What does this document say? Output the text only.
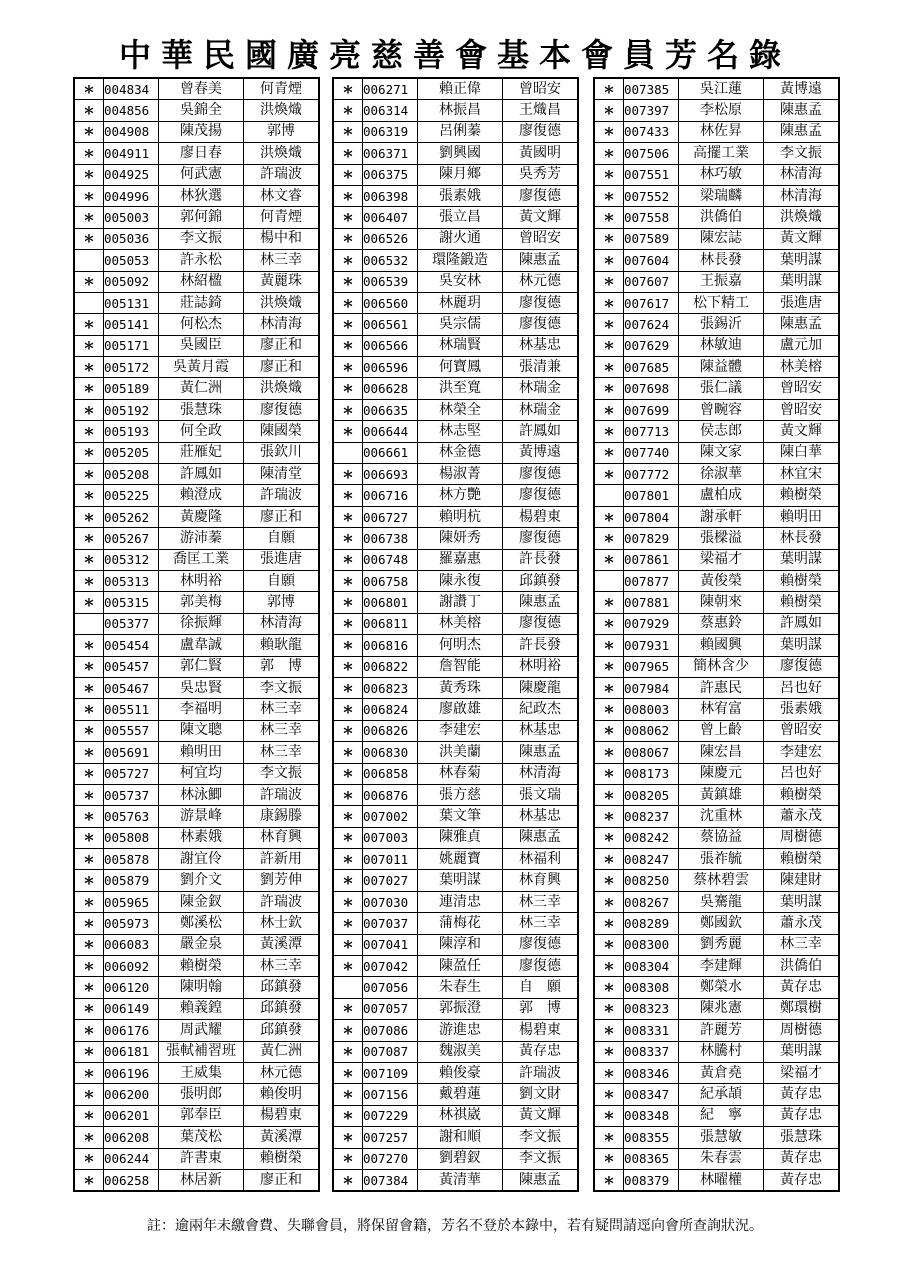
中華民國廣亮慈善會基本會員芳名錄
∗	004834	曾春美	何青煙
∗	004856	吳錦全	洪煥熾
∗	004908	陳茂揚	郭博
∗	004911	廖日春	洪煥熾
∗	004925	何武憲	許瑞波
∗	004996	林狄選	林文睿
∗	005003	郭何錦	何青煙
∗	005036	李文振	楊中和
	005053	許永松	林三幸
∗	005092	林紹楹	黃麗珠
	005131	莊誌錡	洪煥熾
∗	005141	何松杰	林清海
∗	005171	吳國臣	廖正和
∗	005172	吳黃月霞	廖正和
∗	005189	黃仁洲	洪煥熾
∗	005192	張慧珠	廖復德
∗	005193	何全政	陳國榮
∗	005205	莊雁妃	張欽川
∗	005208	許鳳如	陳清堂
∗	005225	賴澄成	許瑞波
∗	005262	黃慶隆	廖正和
∗	005267	游沛蓁	自願
∗	005312	喬匡工業	張進唐
∗	005313	林明裕	自願
∗	005315	郭美梅	郭博
	005377	徐振輝	林清海
∗	005454	盧韋誠	賴耿龍
∗	005457	郭仁賢	郭　博
∗	005467	吳忠賢	李文振
∗	005511	李福明	林三幸
∗	005557	陳文聰	林三幸
∗	005691	賴明田	林三幸
∗	005727	柯宜均	李文振
∗	005737	林泳鯽	許瑞波
∗	005763	游景峰	康錫滕
∗	005808	林素娥	林育興
∗	005878	謝宜伶	許新用
∗	005879	劉介文	劉芳伸
∗	005965	陳金釵	許瑞波
∗	005973	鄭溪松	林士欽
∗	006083	嚴金泉	黃溪潭
∗	006092	賴樹榮	林三幸
∗	006120	陳明翰	邱鎮發
∗	006149	賴義鍠	邱鎮發
∗	006176	周武耀	邱鎮發
∗	006181	張軾補習班	黃仁洲
∗	006196	王威集	林元德
∗	006200	張明郎	賴俊明
∗	006201	郭奉臣	楊碧東
∗	006208	葉茂松	黃溪潭
∗	006244	許書東	賴樹榮
∗	006258	林居新	廖正和
∗	006271	賴正偉	曾昭安
∗	006314	林振昌	王熾昌
∗	006319	呂俐蓁	廖復德
∗	006371	劉興國	黃國明
∗	006375	陳月鄉	吳秀芳
∗	006398	張素娥	廖復德
∗	006407	張立昌	黃文輝
∗	006526	謝火通	曾昭安
∗	006532	環隆鍛造	陳惠孟
∗	006539	吳安林	林元德
∗	006560	林麗玥	廖復德
∗	006561	吳宗儒	廖復德
∗	006566	林瑞賢	林基忠
∗	006596	何寶鳳	張清兼
∗	006628	洪至寬	林瑞金
∗	006635	林榮全	林瑞金
∗	006644	林志堅	許鳳如
	006661	林金德	黃博遠
∗	006693	楊淑菁	廖復德
∗	006716	林方艷	廖復德
∗	006727	賴明杭	楊碧東
∗	006738	陳妍秀	廖復德
∗	006748	羅嘉惠	許長發
∗	006758	陳永復	邱鎮發
∗	006801	謝讚丁	陳惠孟
∗	006811	林美榕	廖復德
∗	006816	何明杰	許長發
∗	006822	詹智能	林明裕
∗	006823	黃秀珠	陳慶龍
∗	006824	廖啟雄	紀政杰
∗	006826	李建宏	林基忠
∗	006830	洪美蘭	陳惠孟
∗	006858	林春菊	林清海
∗	006876	張方慈	張文瑞
∗	007002	葉文筆	林基忠
∗	007003	陳雅貞	陳惠孟
∗	007011	姚麗寶	林福利
∗	007027	葉明謀	林育興
∗	007030	連清忠	林三幸
∗	007037	蒲梅花	林三幸
∗	007041	陳淳和	廖復德
∗	007042	陳盈任	廖復德
	007056	朱春生	自　願
∗	007057	郭振澄	郭　博
∗	007086	游進忠	楊碧東
∗	007087	魏淑美	黃存忠
∗	007109	賴俊豪	許瑞波
∗	007156	戴碧蓮	劉文財
∗	007229	林祺崴	黃文輝
∗	007257	謝和順	李文振
∗	007270	劉碧釵	李文振
∗	007384	黃清華	陳惠孟
∗	007385	吳江蓮	黃博遠
∗	007397	李松原	陳惠孟
∗	007433	林佐昇	陳惠孟
∗	007506	高擺工業	李文振
∗	007551	林巧敏	林清海
∗	007552	梁瑞麟	林清海
∗	007558	洪僑伯	洪煥熾
∗	007589	陳宏誌	黃文輝
∗	007604	林長發	葉明謀
∗	007607	王振嘉	葉明謀
∗	007617	松下精工	張進唐
∗	007624	張錫沂	陳惠孟
∗	007629	林敏迪	盧元加
∗	007685	陳益體	林美榕
∗	007698	張仁議	曾昭安
∗	007699	曾畹容	曾昭安
∗	007713	侯志郎	黃文輝
∗	007740	陳文家	陳白華
∗	007772	徐淑華	林宜宋
	007801	盧柏成	賴樹榮
∗	007804	謝承軒	賴明田
∗	007829	張樑溢	林長發
∗	007861	梁福才	葉明謀
	007877	黃俊榮	賴樹榮
∗	007881	陳朝來	賴樹榮
∗	007929	蔡惠鈴	許鳳如
∗	007931	賴國興	葉明謀
∗	007965	簡林含少	廖復德
∗	007984	許惠民	呂也好
∗	008003	林宥富	張素娥
∗	008062	曾上齡	曾昭安
∗	008067	陳宏昌	李建宏
∗	008173	陳慶元	呂也好
∗	008205	黃鎮雄	賴樹榮
∗	008237	沈重林	蕭永茂
∗	008242	蔡協益	周樹德
∗	008247	張祚毓	賴樹榮
∗	008250	蔡林碧雲	陳建財
∗	008267	吳騫龍	葉明謀
∗	008289	鄭國欽	蕭永茂
∗	008300	劉秀麗	林三幸
∗	008304	李建輝	洪僑伯
∗	008308	鄭榮水	黃存忠
∗	008323	陳兆憲	鄭環樹
∗	008331	許麗芳	周樹德
∗	008337	林騰村	葉明謀
∗	008346	黃倉堯	梁福才
∗	008347	紀承頡	黃存忠
∗	008348	紀　寧	黃存忠
∗	008355	張慧敏	張慧珠
∗	008365	朱春雲	黃存忠
∗	008379	林曜權	黃存忠
註：逾兩年未繳會費、失聯會員，將保留會籍，芳名不登於本錄中，若有疑問請逕向會所查詢狀況。
